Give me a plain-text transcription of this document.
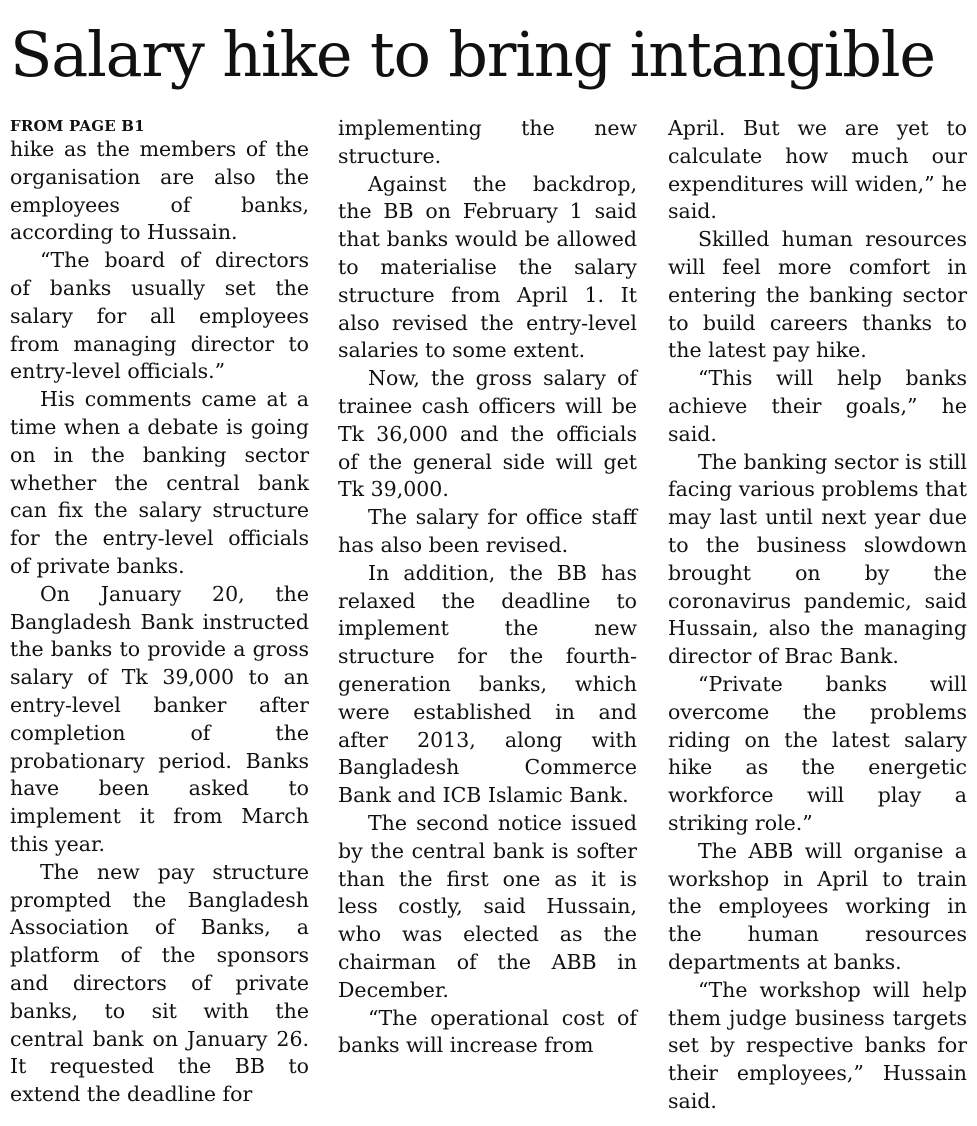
Salary hike to bring intangible
FROM PAGE B1

hike as the members of the organisation are also the employees of banks, according to Hussain.

“The board of directors of banks usually set the salary for all employees from managing director to entry-level officials.”

His comments came at a time when a debate is going on in the banking sector whether the central bank can fix the salary structure for the entry-level officials of private banks.

On January 20, the Bangladesh Bank instructed the banks to provide a gross salary of Tk 39,000 to an entry-level banker after completion of the probationary period. Banks have been asked to implement it from March this year.

The new pay structure prompted the Bangladesh Association of Banks, a platform of the sponsors and directors of private banks, to sit with the central bank on January 26. It requested the BB to extend the deadline for

implementing the new structure.

Against the backdrop, the BB on February 1 said that banks would be allowed to materialise the salary structure from April 1. It also revised the entry-level salaries to some extent.

Now, the gross salary of trainee cash officers will be Tk 36,000 and the officials of the general side will get Tk 39,000.

The salary for office staff has also been revised.

In addition, the BB has relaxed the deadline to implement the new structure for the fourth-generation banks, which were established in and after 2013, along with Bangladesh Commerce Bank and ICB Islamic Bank.

The second notice issued by the central bank is softer than the first one as it is less costly, said Hussain, who was elected as the chairman of the ABB in December.

“The operational cost of banks will increase from

April. But we are yet to calculate how much our expenditures will widen,” he said.

Skilled human resources will feel more comfort in entering the banking sector to build careers thanks to the latest pay hike.

“This will help banks achieve their goals,” he said.

The banking sector is still facing various problems that may last until next year due to the business slowdown brought on by the coronavirus pandemic, said Hussain, also the managing director of Brac Bank.

“Private banks will overcome the problems riding on the latest salary hike as the energetic workforce will play a striking role.”

The ABB will organise a workshop in April to train the employees working in the human resources departments at banks.

“The workshop will help them judge business targets set by respective banks for their employees,” Hussain said.
